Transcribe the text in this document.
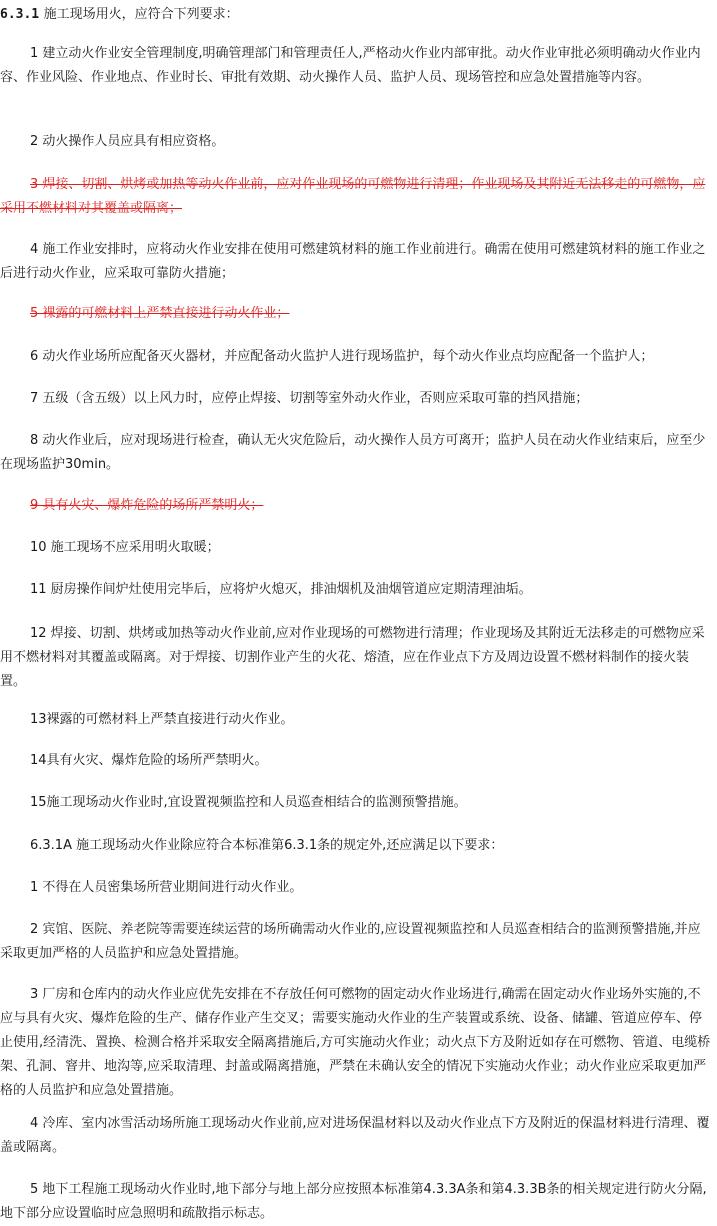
6.3.1 施工现场用火，应符合下列要求：
1 建立动火作业安全管理制度,明确管理部门和管理责任人,严格动火作业内部审批。动火作业审批必须明确动火作业内容、作业风险、作业地点、作业时长、审批有效期、动火操作人员、监护人员、现场管控和应急处置措施等内容。
2 动火操作人员应具有相应资格。
3 焊接、切割、烘烤或加热等动火作业前，应对作业现场的可燃物进行清理；作业现场及其附近无法移走的可燃物，应采用不燃材料对其覆盖或隔离；
4 施工作业安排时，应将动火作业安排在使用可燃建筑材料的施工作业前进行。确需在使用可燃建筑材料的施工作业之后进行动火作业，应采取可靠防火措施；
5 裸露的可燃材料上严禁直接进行动火作业；
6 动火作业场所应配备灭火器材，并应配备动火监护人进行现场监护，每个动火作业点均应配备一个监护人；
7 五级（含五级）以上风力时，应停止焊接、切割等室外动火作业，否则应采取可靠的挡风措施；
8 动火作业后，应对现场进行检查，确认无火灾危险后，动火操作人员方可离开；监护人员在动火作业结束后，应至少在现场监护30min。
9 具有火灾、爆炸危险的场所严禁明火；
10 施工现场不应采用明火取暖；
11 厨房操作间炉灶使用完毕后，应将炉火熄灭，排油烟机及油烟管道应定期清理油垢。
12 焊接、切割、烘烤或加热等动火作业前,应对作业现场的可燃物进行清理；作业现场及其附近无法移走的可燃物应采用不燃材料对其覆盖或隔离。对于焊接、切割作业产生的火花、熔渣，应在作业点下方及周边设置不燃材料制作的接火装置。
13裸露的可燃材料上严禁直接进行动火作业。
14具有火灾、爆炸危险的场所严禁明火。
15施工现场动火作业时,宜设置视频监控和人员巡查相结合的监测预警措施。
6.3.1A 施工现场动火作业除应符合本标准第6.3.1条的规定外,还应满足以下要求：
1 不得在人员密集场所营业期间进行动火作业。
2 宾馆、医院、养老院等需要连续运营的场所确需动火作业的,应设置视频监控和人员巡查相结合的监测预警措施,并应采取更加严格的人员监护和应急处置措施。
3 厂房和仓库内的动火作业应优先安排在不存放任何可燃物的固定动火作业场进行,确需在固定动火作业场外实施的,不应与具有火灾、爆炸危险的生产、储存作业产生交叉；需要实施动火作业的生产装置或系统、设备、储罐、管道应停车、停止使用,经清洗、置换、检测合格并采取安全隔离措施后,方可实施动火作业；动火点下方及附近如存在可燃物、管道、电缆桥架、孔洞、窨井、地沟等,应采取清理、封盖或隔离措施，严禁在未确认安全的情况下实施动火作业；动火作业应采取更加严格的人员监护和应急处置措施。
4 冷库、室内冰雪活动场所施工现场动火作业前,应对进场保温材料以及动火作业点下方及附近的保温材料进行清理、覆盖或隔离。
5 地下工程施工现场动火作业时,地下部分与地上部分应按照本标准第4.3.3A条和第4.3.3B条的相关规定进行防火分隔,地下部分应设置临时应急照明和疏散指示标志。
